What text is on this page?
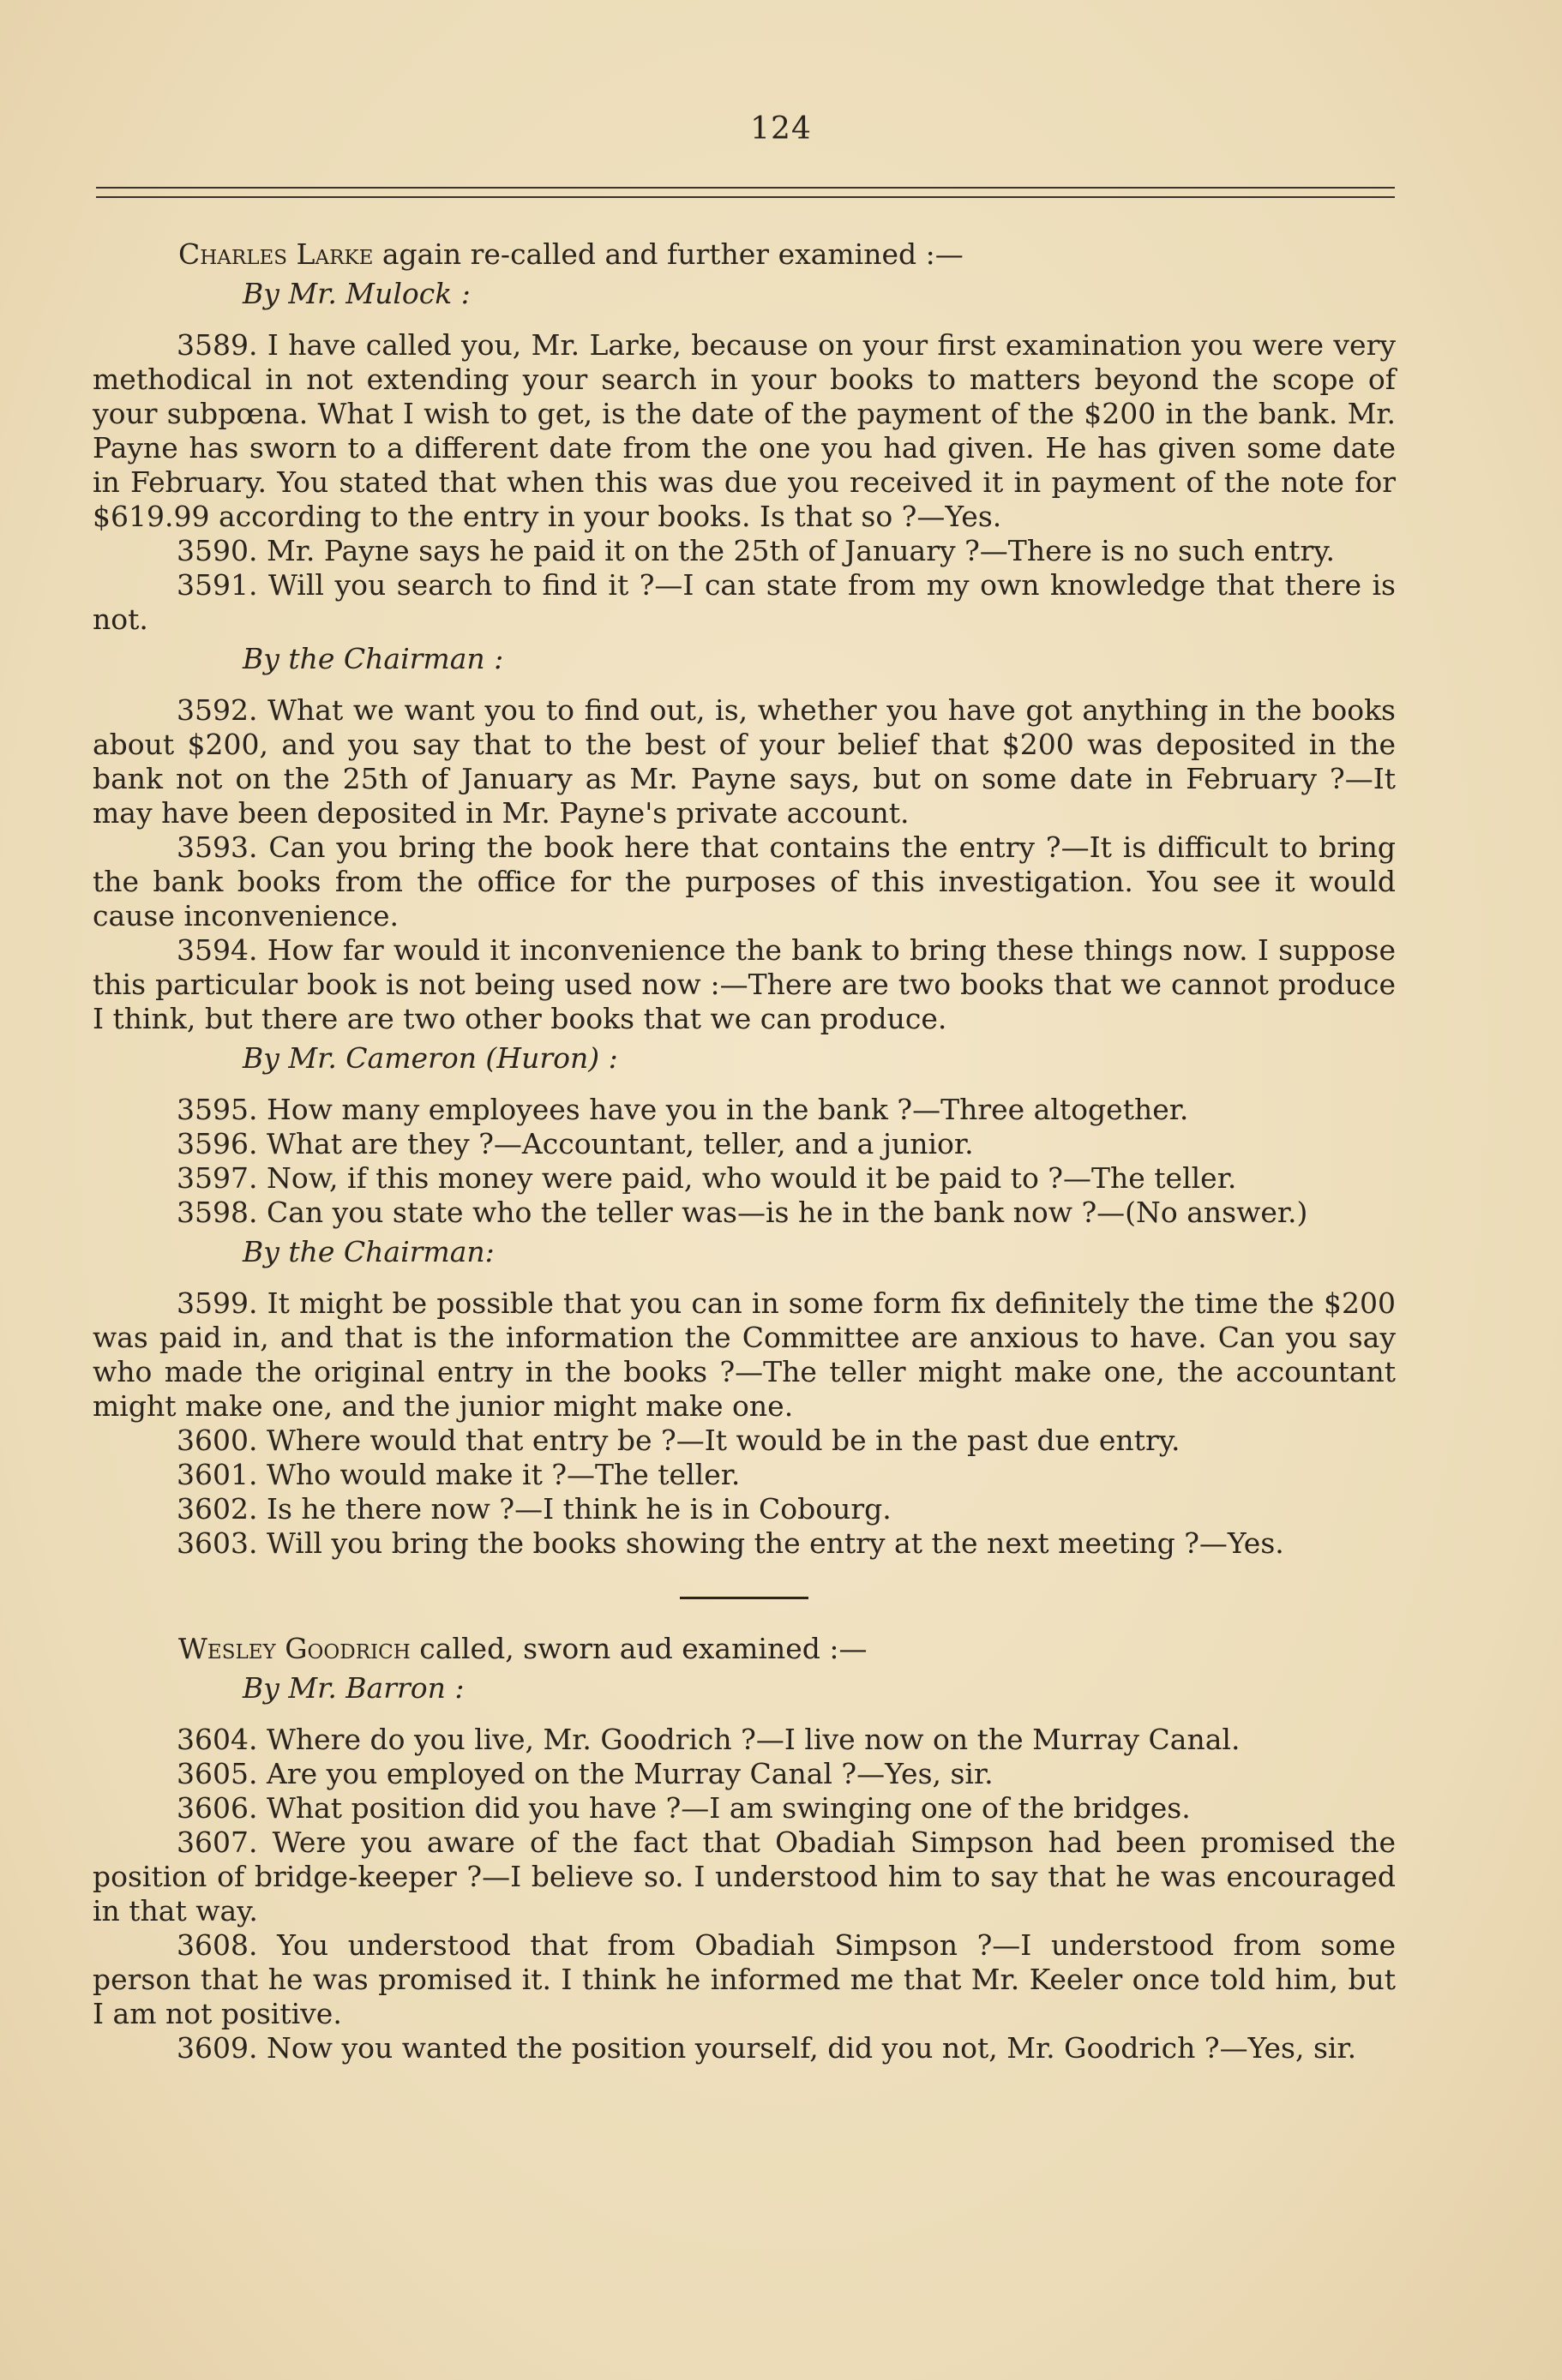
124

Charles Larke again re-called and further examined :—

By Mr. Mulock :

3589. I have called you, Mr. Larke, because on your first examination you were very methodical in not extending your search in your books to matters beyond the scope of your subpœna. What I wish to get, is the date of the payment of the $200 in the bank. Mr. Payne has sworn to a different date from the one you had given. He has given some date in February. You stated that when this was due you received it in payment of the note for $619.99 according to the entry in your books. Is that so ?—Yes.

3590. Mr. Payne says he paid it on the 25th of January ?—There is no such entry.

3591. Will you search to find it ?—I can state from my own knowledge that there is not.

By the Chairman :

3592. What we want you to find out, is, whether you have got anything in the books about $200, and you say that to the best of your belief that $200 was deposited in the bank not on the 25th of January as Mr. Payne says, but on some date in February ?—It may have been deposited in Mr. Payne's private account.

3593. Can you bring the book here that contains the entry ?—It is difficult to bring the bank books from the office for the purposes of this investigation. You see it would cause inconvenience.

3594. How far would it inconvenience the bank to bring these things now. I suppose this particular book is not being used now :—There are two books that we cannot produce I think, but there are two other books that we can produce.

By Mr. Cameron (Huron) :

3595. How many employees have you in the bank ?—Three altogether.

3596. What are they ?—Accountant, teller, and a junior.

3597. Now, if this money were paid, who would it be paid to ?—The teller.

3598. Can you state who the teller was—is he in the bank now ?—(No answer.)

By the Chairman:

3599. It might be possible that you can in some form fix definitely the time the $200 was paid in, and that is the information the Committee are anxious to have. Can you say who made the original entry in the books ?—The teller might make one, the accountant might make one, and the junior might make one.

3600. Where would that entry be ?—It would be in the past due entry.

3601. Who would make it ?—The teller.

3602. Is he there now ?—I think he is in Cobourg.

3603. Will you bring the books showing the entry at the next meeting ?—Yes.

Wesley Goodrich called, sworn aud examined :—

By Mr. Barron :

3604. Where do you live, Mr. Goodrich ?—I live now on the Murray Canal.

3605. Are you employed on the Murray Canal ?—Yes, sir.

3606. What position did you have ?—I am swinging one of the bridges.

3607. Were you aware of the fact that Obadiah Simpson had been promised the position of bridge-keeper ?—I believe so. I understood him to say that he was encouraged in that way.

3608. You understood that from Obadiah Simpson ?—I understood from some person that he was promised it. I think he informed me that Mr. Keeler once told him, but I am not positive.

3609. Now you wanted the position yourself, did you not, Mr. Goodrich ?—Yes, sir.
